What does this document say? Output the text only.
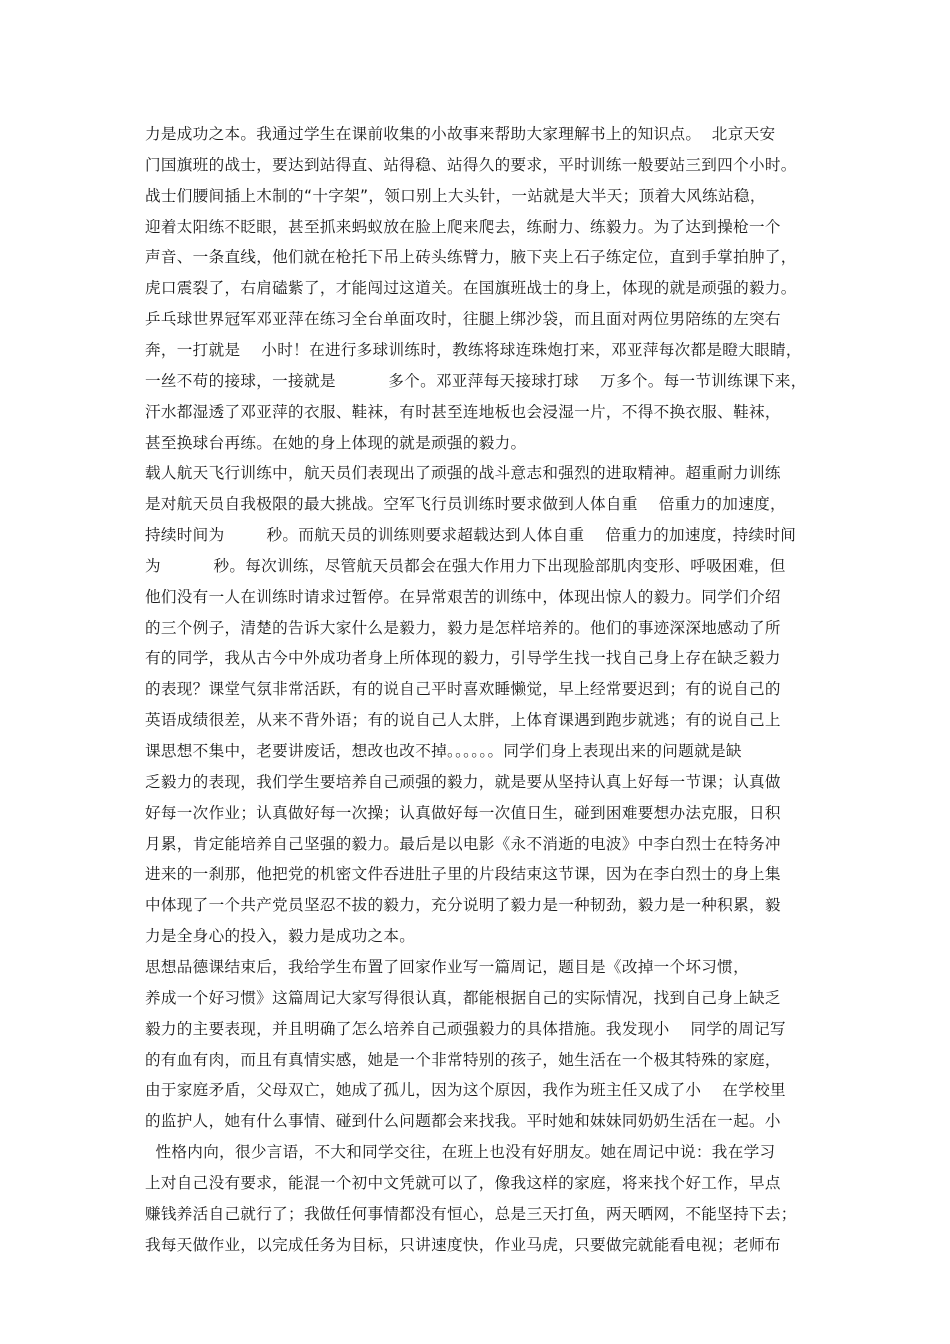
力是成功之本。我通过学生在课前收集的小故事来帮助大家理解书上的知识点。  北京天安
门国旗班的战士，要达到站得直、站得稳、站得久的要求，平时训练一般要站三到四个小时。
战士们腰间插上木制的“十字架”，领口别上大头针，一站就是大半天；顶着大风练站稳，
迎着太阳练不眨眼，甚至抓来蚂蚁放在脸上爬来爬去，练耐力、练毅力。为了达到操枪一个
声音、一条直线，他们就在枪托下吊上砖头练臂力，腋下夹上石子练定位，直到手掌拍肿了，
虎口震裂了，右肩磕紫了，才能闯过这道关。在国旗班战士的身上，体现的就是顽强的毅力。
乒乓球世界冠军邓亚萍在练习全台单面攻时，往腿上绑沙袋，而且面对两位男陪练的左突右
奔，一打就是    小时！在进行多球训练时，教练将球连珠炮打来，邓亚萍每次都是瞪大眼睛，
一丝不苟的接球，一接就是          多个。邓亚萍每天接球打球    万多个。每一节训练课下来，
汗水都湿透了邓亚萍的衣服、鞋袜，有时甚至连地板也会浸湿一片，不得不换衣服、鞋袜，
甚至换球台再练。在她的身上体现的就是顽强的毅力。
载人航天飞行训练中，航天员们表现出了顽强的战斗意志和强烈的进取精神。超重耐力训练
是对航天员自我极限的最大挑战。空军飞行员训练时要求做到人体自重    倍重力的加速度，
持续时间为        秒。而航天员的训练则要求超载达到人体自重    倍重力的加速度，持续时间
为          秒。每次训练，尽管航天员都会在强大作用力下出现脸部肌肉变形、呼吸困难，但
他们没有一人在训练时请求过暂停。在异常艰苦的训练中，体现出惊人的毅力。同学们介绍
的三个例子，清楚的告诉大家什么是毅力，毅力是怎样培养的。他们的事迹深深地感动了所
有的同学，我从古今中外成功者身上所体现的毅力，引导学生找一找自己身上存在缺乏毅力
的表现？课堂气氛非常活跃，有的说自己平时喜欢睡懒觉，早上经常要迟到；有的说自己的
英语成绩很差，从来不背外语；有的说自己人太胖，上体育课遇到跑步就逃；有的说自己上
课思想不集中，老要讲废话，想改也改不掉。。。。。。同学们身上表现出来的问题就是缺
乏毅力的表现，我们学生要培养自己顽强的毅力，就是要从坚持认真上好每一节课；认真做
好每一次作业；认真做好每一次操；认真做好每一次值日生，碰到困难要想办法克服，日积
月累，肯定能培养自己坚强的毅力。最后是以电影《永不消逝的电波》中李白烈士在特务冲
进来的一刹那，他把党的机密文件吞进肚子里的片段结束这节课，因为在李白烈士的身上集
中体现了一个共产党员坚忍不拔的毅力，充分说明了毅力是一种韧劲，毅力是一种积累，毅
力是全身心的投入，毅力是成功之本。
思想品德课结束后，我给学生布置了回家作业写一篇周记，题目是《改掉一个坏习惯，
养成一个好习惯》这篇周记大家写得很认真，都能根据自己的实际情况，找到自己身上缺乏
毅力的主要表现，并且明确了怎么培养自己顽强毅力的具体措施。我发现小    同学的周记写
的有血有肉，而且有真情实感，她是一个非常特别的孩子，她生活在一个极其特殊的家庭，
由于家庭矛盾，父母双亡，她成了孤儿，因为这个原因，我作为班主任又成了小    在学校里
的监护人，她有什么事情、碰到什么问题都会来找我。平时她和妹妹同奶奶生活在一起。小
性格内向，很少言语，不大和同学交往，在班上也没有好朋友。她在周记中说：我在学习
上对自己没有要求，能混一个初中文凭就可以了，像我这样的家庭，将来找个好工作，早点
赚钱养活自己就行了；我做任何事情都没有恒心，总是三天打鱼，两天晒网，不能坚持下去；
我每天做作业，以完成任务为目标，只讲速度快，作业马虎，只要做完就能看电视；老师布
